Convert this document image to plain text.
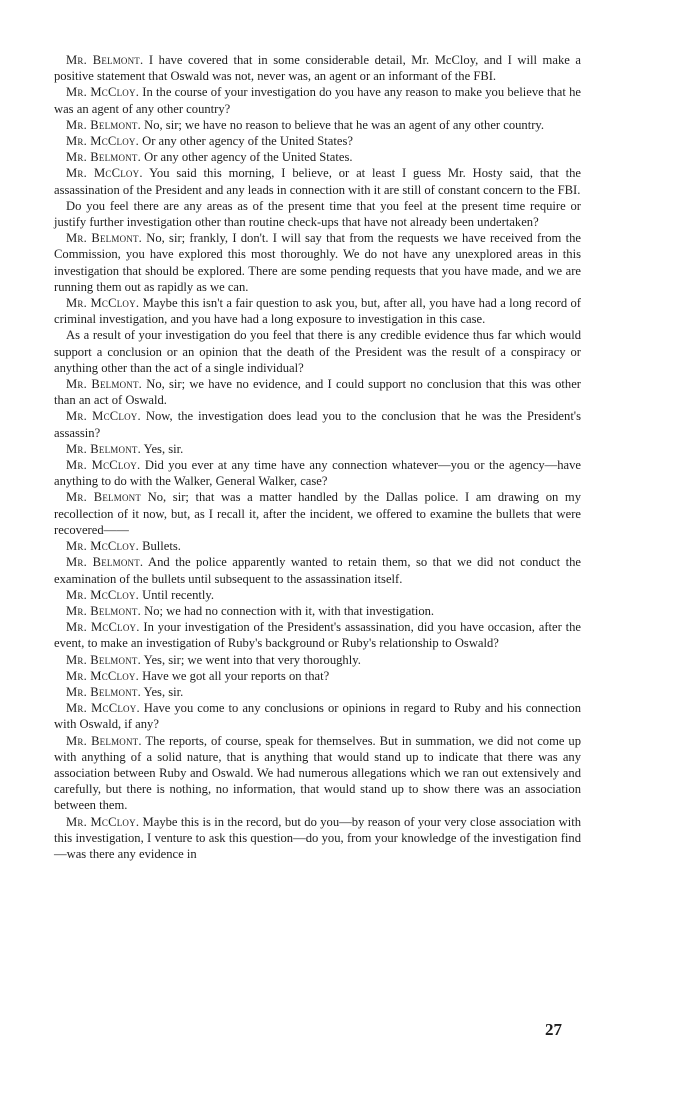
Mr. Belmont. I have covered that in some considerable detail, Mr. McCloy, and I will make a positive statement that Oswald was not, never was, an agent or an informant of the FBI.

Mr. McCloy. In the course of your investigation do you have any reason to make you believe that he was an agent of any other country?

Mr. Belmont. No, sir; we have no reason to believe that he was an agent of any other country.

Mr. McCloy. Or any other agency of the United States?

Mr. Belmont. Or any other agency of the United States.

Mr. McCloy. You said this morning, I believe, or at least I guess Mr. Hosty said, that the assassination of the President and any leads in connection with it are still of constant concern to the FBI.

Do you feel there are any areas as of the present time that you feel at the present time require or justify further investigation other than routine check-ups that have not already been undertaken?

Mr. Belmont. No, sir; frankly, I don't. I will say that from the requests we have received from the Commission, you have explored this most thoroughly. We do not have any unexplored areas in this investigation that should be explored. There are some pending requests that you have made, and we are running them out as rapidly as we can.

Mr. McCloy. Maybe this isn't a fair question to ask you, but, after all, you have had a long record of criminal investigation, and you have had a long exposure to investigation in this case.

As a result of your investigation do you feel that there is any credible evidence thus far which would support a conclusion or an opinion that the death of the President was the result of a conspiracy or anything other than the act of a single individual?

Mr. Belmont. No, sir; we have no evidence, and I could support no conclusion that this was other than an act of Oswald.

Mr. McCloy. Now, the investigation does lead you to the conclusion that he was the President's assassin?

Mr. Belmont. Yes, sir.

Mr. McCloy. Did you ever at any time have any connection whatever—you or the agency—have anything to do with the Walker, General Walker, case?

Mr. Belmont No, sir; that was a matter handled by the Dallas police. I am drawing on my recollection of it now, but, as I recall it, after the incident, we offered to examine the bullets that were recovered——

Mr. McCloy. Bullets.

Mr. Belmont. And the police apparently wanted to retain them, so that we did not conduct the examination of the bullets until subsequent to the assassination itself.

Mr. McCloy. Until recently.

Mr. Belmont. No; we had no connection with it, with that investigation.

Mr. McCloy. In your investigation of the President's assassination, did you have occasion, after the event, to make an investigation of Ruby's background or Ruby's relationship to Oswald?

Mr. Belmont. Yes, sir; we went into that very thoroughly.

Mr. McCloy. Have we got all your reports on that?

Mr. Belmont. Yes, sir.

Mr. McCloy. Have you come to any conclusions or opinions in regard to Ruby and his connection with Oswald, if any?

Mr. Belmont. The reports, of course, speak for themselves. But in summation, we did not come up with anything of a solid nature, that is anything that would stand up to indicate that there was any association between Ruby and Oswald. We had numerous allegations which we ran out extensively and carefully, but there is nothing, no information, that would stand up to show there was an association between them.

Mr. McCloy. Maybe this is in the record, but do you—by reason of your very close association with this investigation, I venture to ask this question—do you, from your knowledge of the investigation find—was there any evidence in

27
